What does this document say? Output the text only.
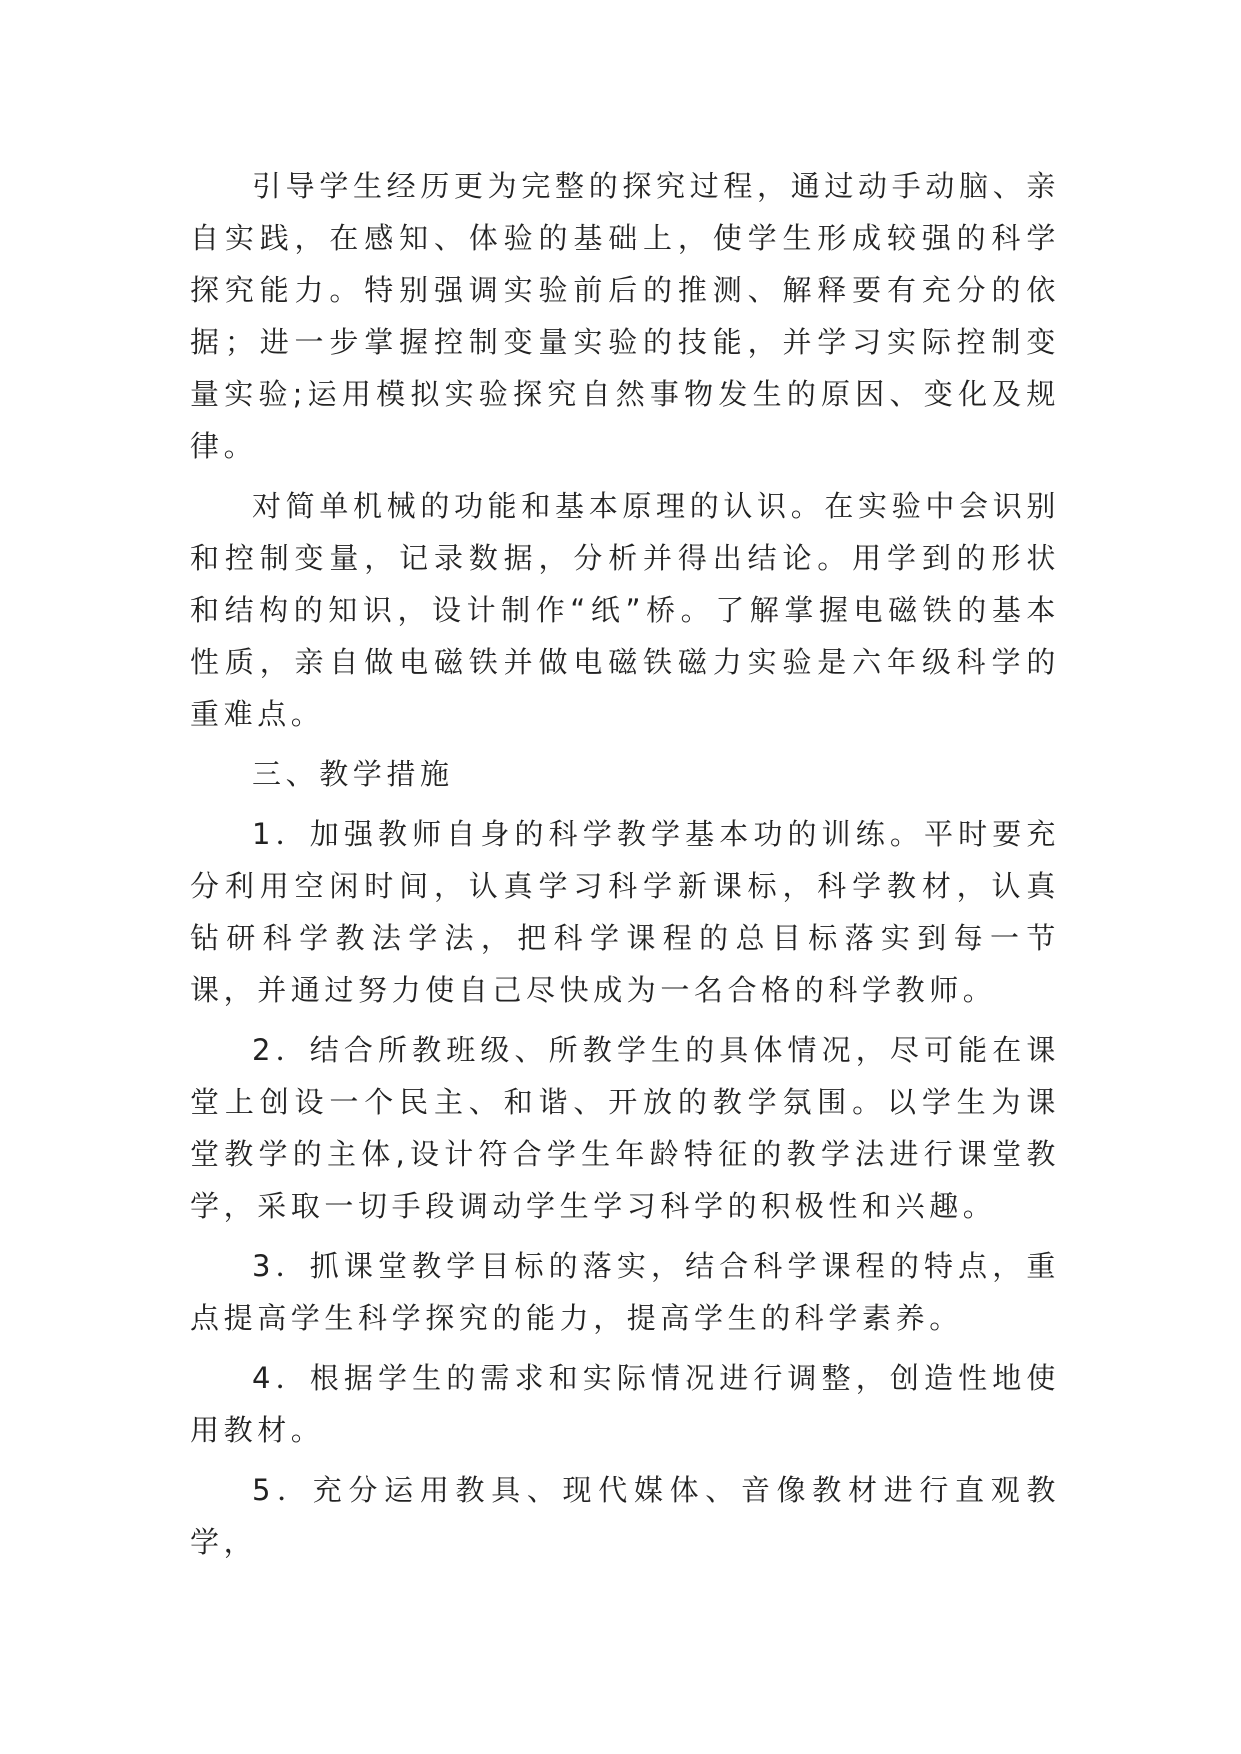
引导学生经历更为完整的探究过程，通过动手动脑、亲自实践，在感知、体验的基础上，使学生形成较强的科学探究能力。特别强调实验前后的推测、解释要有充分的依据；进一步掌握控制变量实验的技能，并学习实际控制变量实验;运用模拟实验探究自然事物发生的原因、变化及规律。

对简单机械的功能和基本原理的认识。在实验中会识别和控制变量，记录数据，分析并得出结论。用学到的形状和结构的知识，设计制作“纸”桥。了解掌握电磁铁的基本性质，亲自做电磁铁并做电磁铁磁力实验是六年级科学的重难点。

三、教学措施

1．加强教师自身的科学教学基本功的训练。平时要充分利用空闲时间，认真学习科学新课标，科学教材，认真钻研科学教法学法，把科学课程的总目标落实到每一节课，并通过努力使自己尽快成为一名合格的科学教师。

2．结合所教班级、所教学生的具体情况，尽可能在课堂上创设一个民主、和谐、开放的教学氛围。以学生为课堂教学的主体,设计符合学生年龄特征的教学法进行课堂教学，采取一切手段调动学生学习科学的积极性和兴趣。

3．抓课堂教学目标的落实，结合科学课程的特点，重点提高学生科学探究的能力，提高学生的科学素养。

4．根据学生的需求和实际情况进行调整，创造性地使用教材。

5．充分运用教具、现代媒体、音像教材进行直观教学，
